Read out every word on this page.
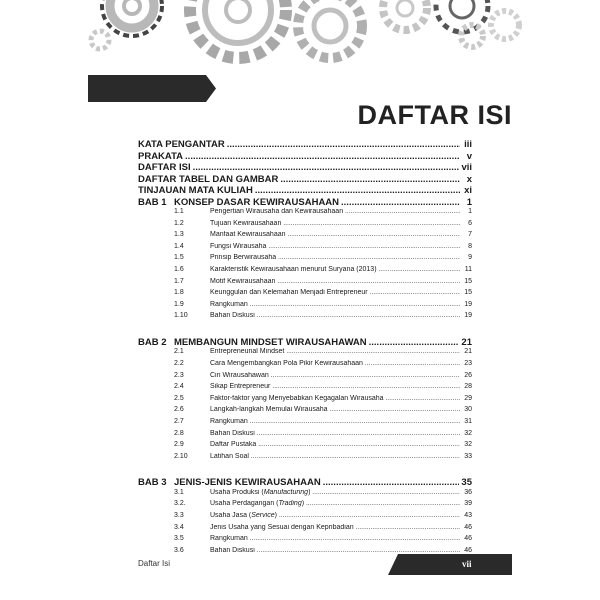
DAFTAR ISI
KATA PENGANTAR .....	iii
PRAKATA .....	v
DAFTAR ISI .....	vii
DAFTAR TABEL DAN GAMBAR .....	x
TINJAUAN MATA KULIAH .....	xi
BAB 1 KONSEP DASAR KEWIRAUSAHAAN .....	1
1.1	Pengertian Wirausaha dan Kewirausahaan .....	1
1.2	Tujuan Kewirausahaan .....	6
1.3	Manfaat Kewirausahaan .....	7
1.4	Fungsi Wirausaha .....	8
1.5	Prinsip Berwirausaha .....	9
1.6	Karakteristik Kewirausahaan menurut Suryana (2013) .....	11
1.7	Motif Kewirausahaan .....	15
1.8	Keunggulan dan Kelemahan Menjadi Entrepreneur .....	15
1.9	Rangkuman .....	19
1.10	Bahan Diskusi .....	19
BAB 2 MEMBANGUN MINDSET WIRAUSAHAWAN .....	21
2.1	Entrepreneurial Mindset .....	21
2.2	Cara Mengembangkan Pola Pikir Kewirausahaan .....	23
2.3	Ciri Wirausahawan .....	26
2.4	Sikap Entrepreneur .....	28
2.5	Faktor-faktor yang Menyebabkan Kegagalan Wirausaha .....	29
2.6	Langkah-langkah Memulai Wirausaha .....	30
2.7	Rangkuman .....	31
2.8	Bahan Diskusi .....	32
2.9	Daftar Pustaka .....	32
2.10	Latihan Soal .....	33
BAB 3 JENIS-JENIS KEWIRAUSAHAAN .....	35
3.1	Usaha Produksi (Manufacturing) .....	36
3.2.	Usaha Perdagangan (Trading) .....	39
3.3	Usaha Jasa (Service) .....	43
3.4	Jenis Usaha yang Sesuai dengan Kepribadian .....	46
3.5	Rangkuman .....	46
3.6	Bahan Diskusi .....	46
Daftar Isi	vii
